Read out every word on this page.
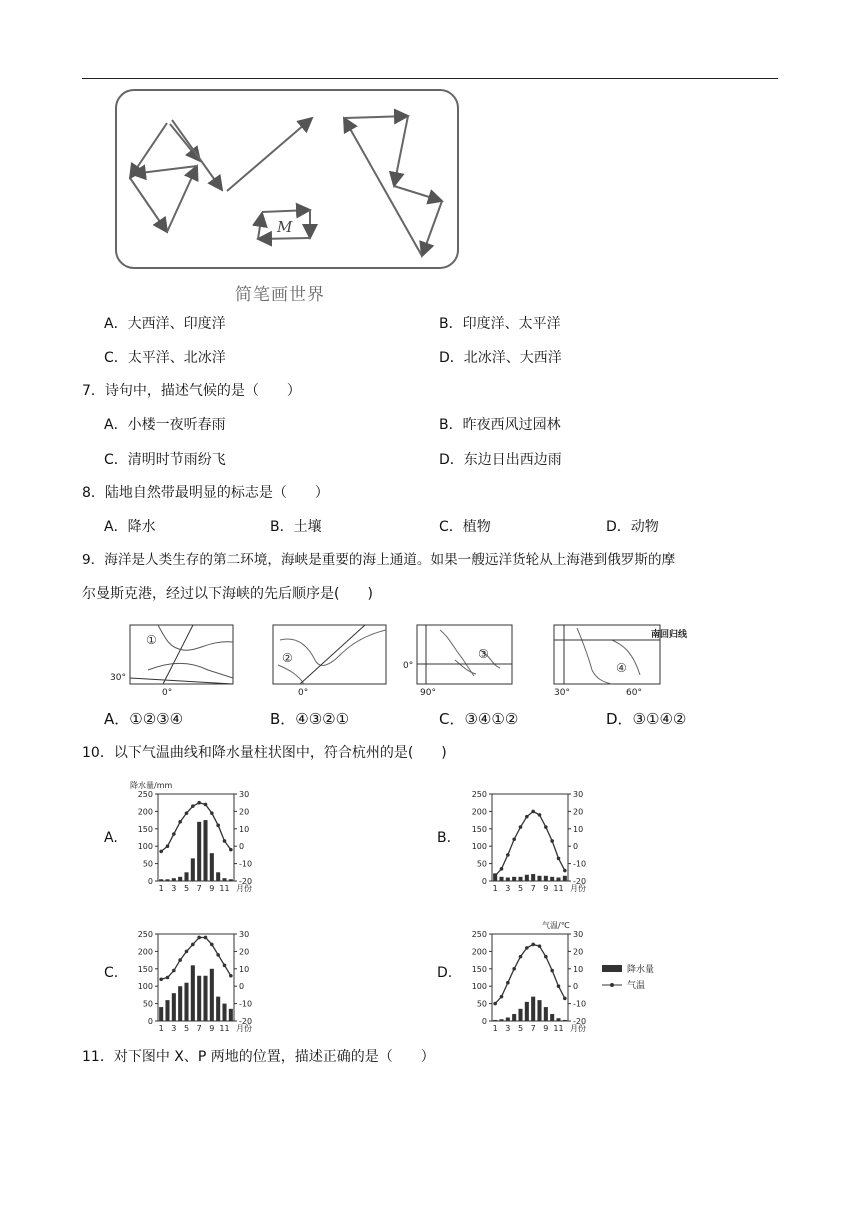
M
简笔画世界
A．大西洋、印度洋	B．印度洋、太平洋
C．太平洋、北冰洋	D．北冰洋、大西洋
7．诗句中，描述气候的是（　　）
A．小楼一夜听春雨	B．昨夜西风过园林
C．清明时节雨纷飞	D．东边日出西边雨
8．陆地自然带最明显的标志是（　　）
A．降水	B．土壤	C．植物	D．动物
9．海洋是人类生存的第二环境，海峡是重要的海上通道。如果一艘远洋货轮从上海港到俄罗斯的摩
尔曼斯克港，经过以下海峡的先后顺序是(　　)
①
30°
0°
②
0°
③
0°
90°
④
南回归线
30°	60°
A．①②③④	B．④③②①	C．③④①②	D．③①④②
10．以下气温曲线和降水量柱状图中，符合杭州的是(　　)
A.	B.
C.	D.
降水量/mm
250
200
150
100
50
0
30
20
10
0
-10
-20
1 3 5 7 9 11 月份
250
200
150
100
50
0
30
20
10
0
-10
-20
1 3 5 7 9 11 月份
250
200
150
100
50
0
30
20
10
0
-10
-20
1 3 5 7 9 11 月份
气温/℃
250
200
150
100
50
0
30
20
10
0
-10
-20
1 3 5 7 9 11 月份
降水量
气温
11．对下图中 X、P 两地的位置，描述正确的是（　　）
